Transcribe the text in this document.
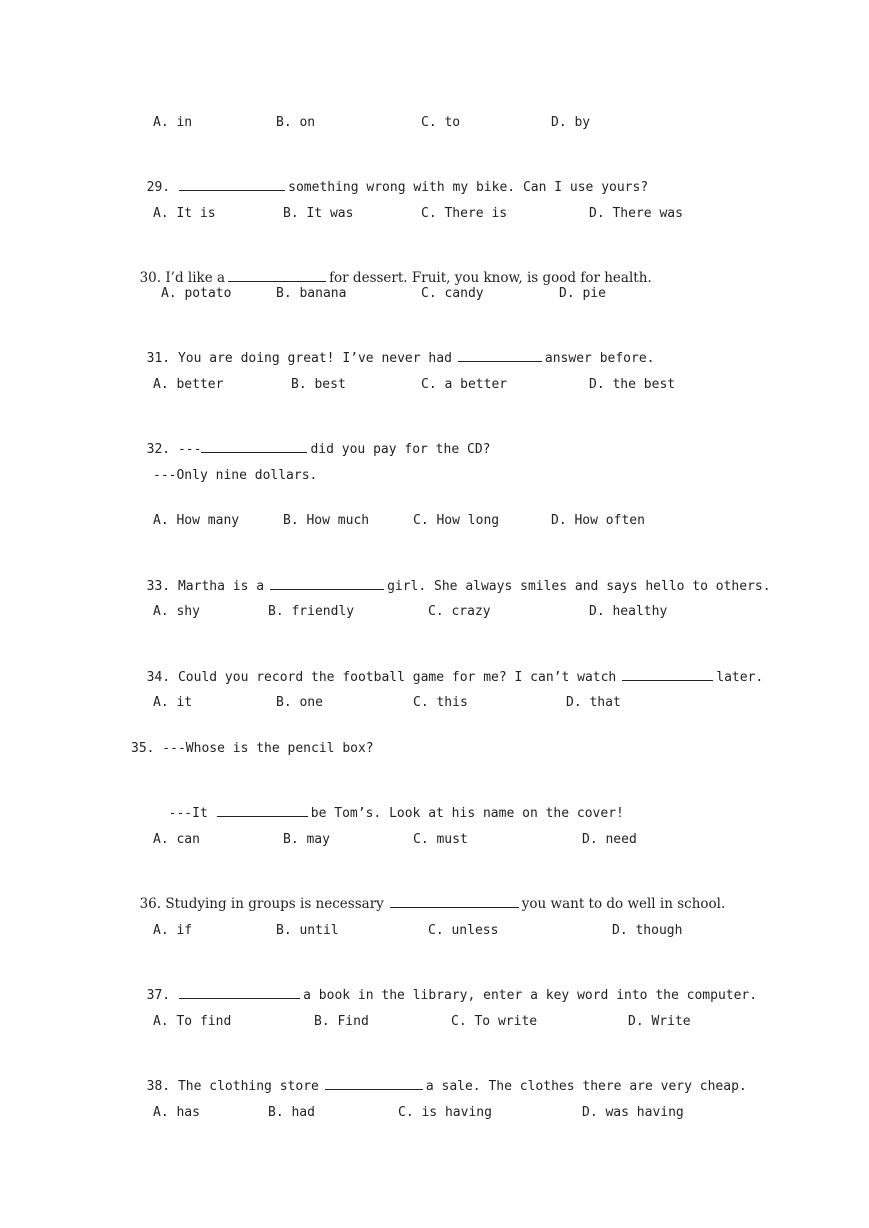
A. in	B. on	C. to	D. by

29.	something wrong with my bike. Can I use yours?

A. It is	B. It was	C. There is	D. There was

30. I’d like a	for dessert. Fruit, you know, is good for health.

A. potato	B. banana	C. candy	D. pie

31. You are doing great! I’ve never had	answer before.

A. better	B. best	C. a better	D. the best

32. ---	did you pay for the CD?

---Only nine dollars.
A. How many	B. How much	C. How long	D. How often

33. Martha is a	girl. She always smiles and says hello to others.

A. shy	B. friendly	C. crazy	D. healthy

34. Could you record the football game for me? I can’t watch	later.

A. it	B. one	C. this	D. that
35. ---Whose is the pencil box?

---It	be Tom’s. Look at his name on the cover!

A. can	B. may	C. must	D. need

36. Studying in groups is necessary	you want to do well in school.

A. if	B. until	C. unless	D. though

37.	a book in the library, enter a key word into the computer.

A. To find	B. Find	C. To write	D. Write

38. The clothing store	a sale. The clothes there are very cheap.

A. has	B. had	C. is having	D. was having
